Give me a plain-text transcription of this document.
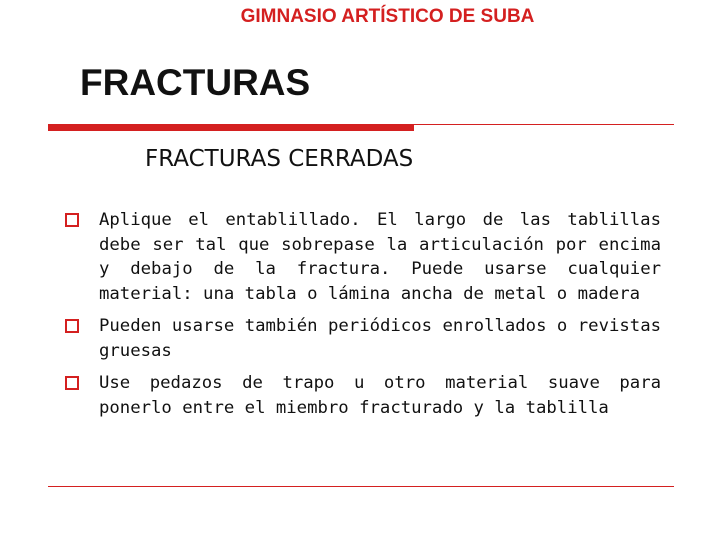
GIMNASIO ARTÍSTICO DE SUBA
FRACTURAS
FRACTURAS CERRADAS
Aplique el entablillado. El largo de las tablillas debe ser tal que sobrepase la articulación por encima y debajo de la fractura. Puede usarse cualquier material: una tabla o lámina ancha de metal o madera
Pueden usarse también periódicos enrollados o revistas gruesas
Use pedazos de trapo u otro material suave para ponerlo entre el miembro fracturado y la tablilla
